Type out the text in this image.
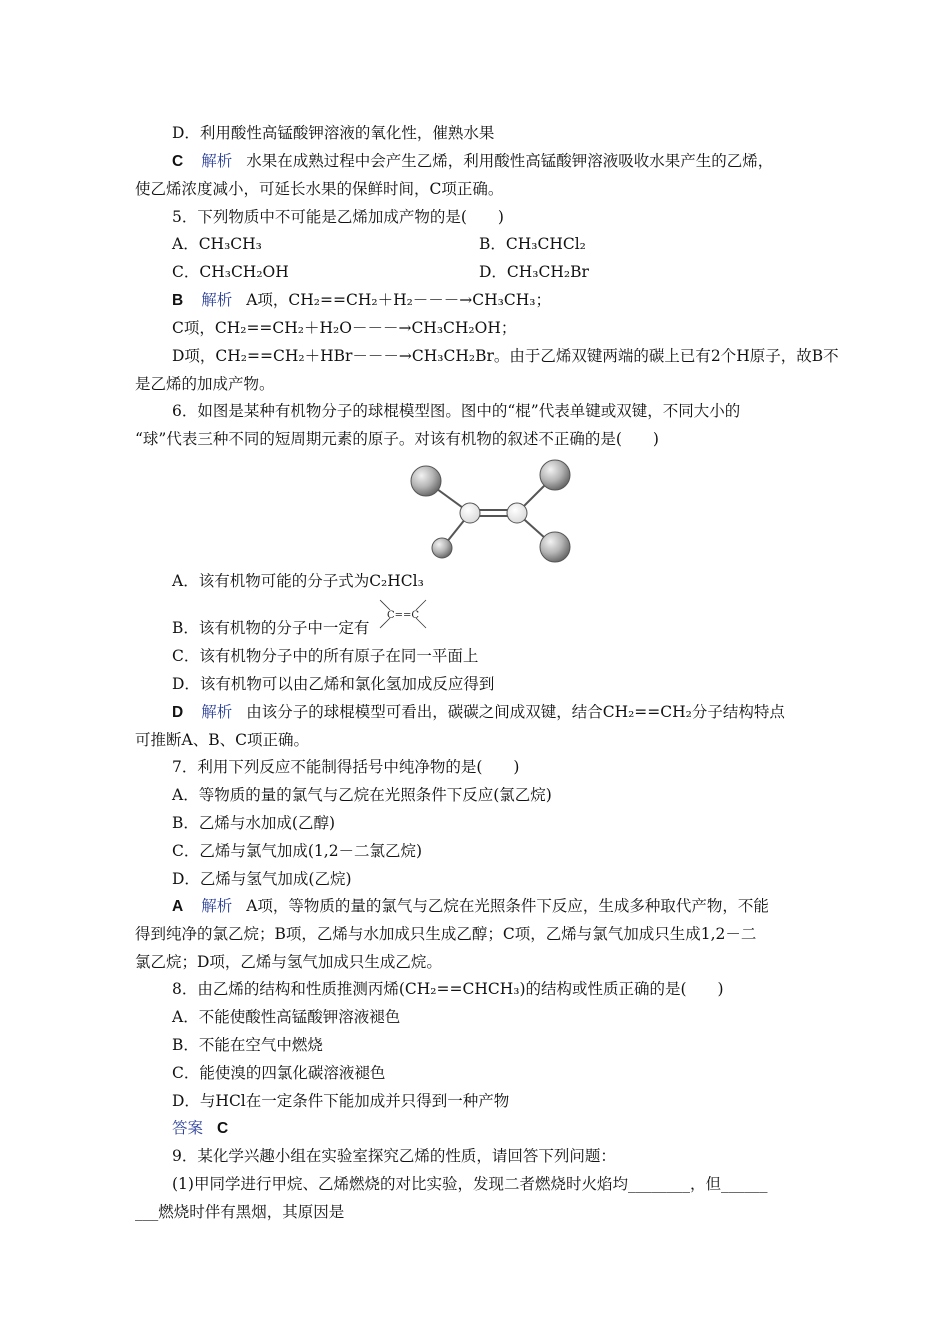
D．利用酸性高锰酸钾溶液的氧化性，催熟水果
C 解析 水果在成熟过程中会产生乙烯，利用酸性高锰酸钾溶液吸收水果产生的乙烯，
使乙烯浓度减小，可延长水果的保鲜时间，C项正确。
5．下列物质中不可能是乙烯加成产物的是(　　)
A．CH₃CH₃	B．CH₃CHCl₂
C．CH₃CH₂OH	D．CH₃CH₂Br
B 解析 A项，CH₂==CH₂＋H₂－－－→CH₃CH₃；
C项，CH₂==CH₂＋H₂O－－－→CH₃CH₂OH；
D项，CH₂==CH₂＋HBr－－－→CH₃CH₂Br。由于乙烯双键两端的碳上已有2个H原子，故B不
是乙烯的加成产物。
6．如图是某种有机物分子的球棍模型图。图中的“棍”代表单键或双键，不同大小的
“球”代表三种不同的短周期元素的原子。对该有机物的叙述不正确的是(　　)
A．该有机物可能的分子式为C₂HCl₃
B．该有机物的分子中一定有
C==C
C．该有机物分子中的所有原子在同一平面上
D．该有机物可以由乙烯和氯化氢加成反应得到
D 解析 由该分子的球棍模型可看出，碳碳之间成双键，结合CH₂==CH₂分子结构特点
可推断A、B、C项正确。
7．利用下列反应不能制得括号中纯净物的是(　　)
A．等物质的量的氯气与乙烷在光照条件下反应(氯乙烷)
B．乙烯与水加成(乙醇)
C．乙烯与氯气加成(1,2－二氯乙烷)
D．乙烯与氢气加成(乙烷)
A 解析 A项，等物质的量的氯气与乙烷在光照条件下反应，生成多种取代产物，不能
得到纯净的氯乙烷；B项，乙烯与水加成只生成乙醇；C项，乙烯与氯气加成只生成1,2－二
氯乙烷；D项，乙烯与氢气加成只生成乙烷。
8．由乙烯的结构和性质推测丙烯(CH₂==CHCH₃)的结构或性质正确的是(　　)
A．不能使酸性高锰酸钾溶液褪色
B．不能在空气中燃烧
C．能使溴的四氯化碳溶液褪色
D．与HCl在一定条件下能加成并只得到一种产物
答案 C
9．某化学兴趣小组在实验室探究乙烯的性质，请回答下列问题：
(1)甲同学进行甲烷、乙烯燃烧的对比实验，发现二者燃烧时火焰均________，但______
___燃烧时伴有黑烟，其原因是
